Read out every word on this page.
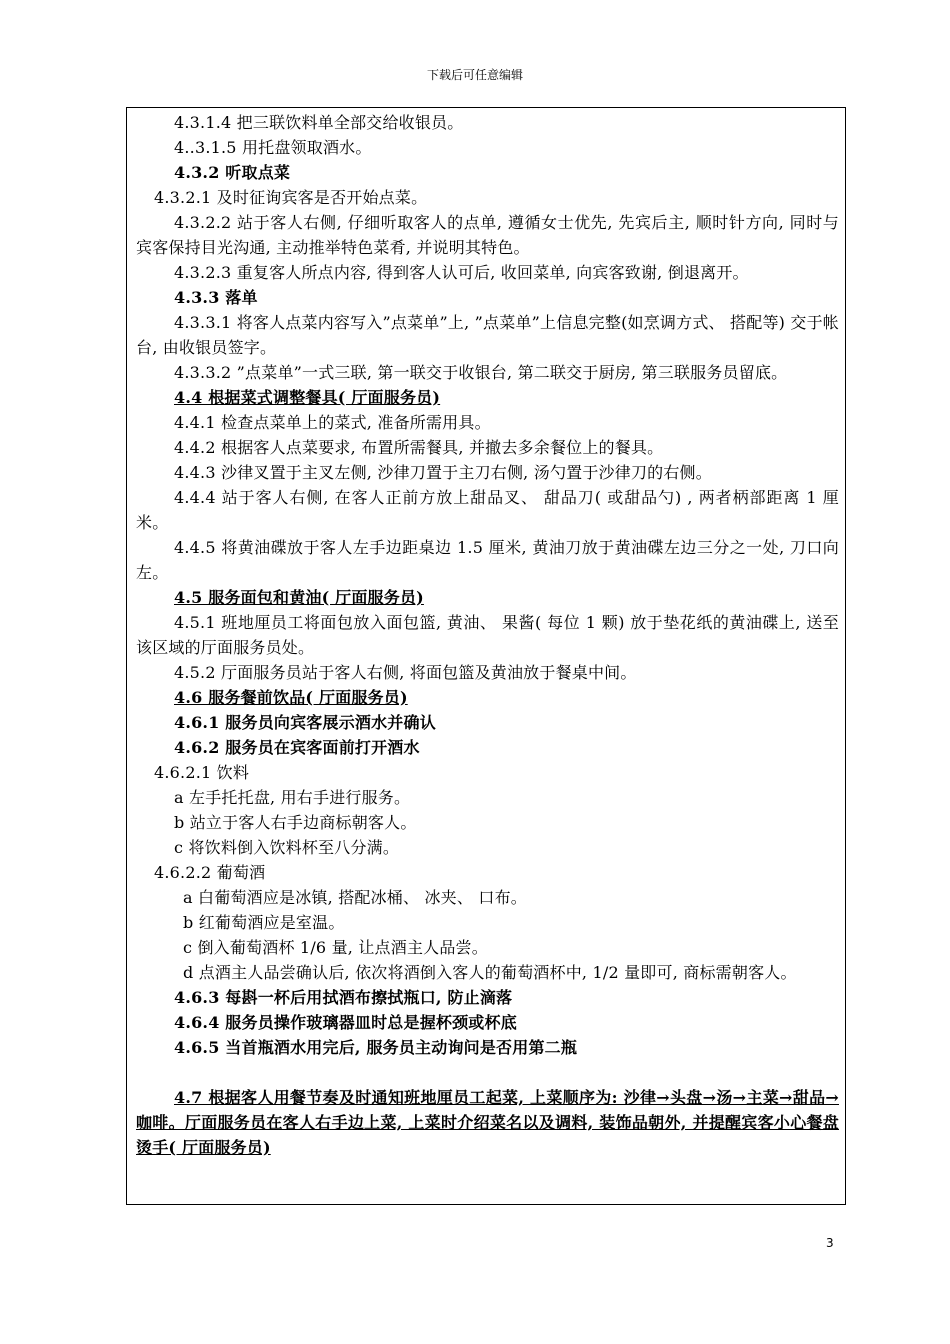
下载后可任意编辑
4.3.1.4 把三联饮料单全部交给收银员。
4..3.1.5 用托盘领取酒水。
4.3.2 听取点菜
4.3.2.1 及时征询宾客是否开始点菜。
4.3.2.2 站于客人右侧, 仔细听取客人的点单, 遵循女士优先, 先宾后主, 顺时针方向, 同时与宾客保持目光沟通, 主动推举特色菜肴, 并说明其特色。
4.3.2.3 重复客人所点内容, 得到客人认可后, 收回菜单, 向宾客致谢, 倒退离开。
4.3.3 落单
4.3.3.1 将客人点菜内容写入”点菜单”上, ”点菜单”上信息完整(如烹调方式、 搭配等) 交于帐台, 由收银员签字。
4.3.3.2 ”点菜单”一式三联, 第一联交于收银台, 第二联交于厨房, 第三联服务员留底。
4.4 根据菜式调整餐具( 厅面服务员)
4.4.1 检查点菜单上的菜式, 准备所需用具。
4.4.2 根据客人点菜要求, 布置所需餐具, 并撤去多余餐位上的餐具。
4.4.3 沙律叉置于主叉左侧, 沙律刀置于主刀右侧, 汤勺置于沙律刀的右侧。
4.4.4 站于客人右侧, 在客人正前方放上甜品叉、 甜品刀( 或甜品勺) , 两者柄部距离 1 厘米。
4.4.5 将黄油碟放于客人左手边距桌边 1.5 厘米, 黄油刀放于黄油碟左边三分之一处, 刀口向左。
4.5 服务面包和黄油( 厅面服务员)
4.5.1 班地厘员工将面包放入面包篮, 黄油、 果酱( 每位 1 颗) 放于垫花纸的黄油碟上, 送至该区域的厅面服务员处。
4.5.2 厅面服务员站于客人右侧, 将面包篮及黄油放于餐桌中间。
4.6 服务餐前饮品( 厅面服务员)
4.6.1 服务员向宾客展示酒水并确认
4.6.2 服务员在宾客面前打开酒水
4.6.2.1 饮料
a 左手托托盘, 用右手进行服务。
b 站立于客人右手边商标朝客人。
c 将饮料倒入饮料杯至八分满。
4.6.2.2 葡萄酒
a 白葡萄酒应是冰镇, 搭配冰桶、 冰夹、 口布。
b 红葡萄酒应是室温。
c 倒入葡萄酒杯 1/6 量, 让点酒主人品尝。
d 点酒主人品尝确认后, 依次将酒倒入客人的葡萄酒杯中, 1/2 量即可, 商标需朝客人。
4.6.3 每斟一杯后用拭酒布擦拭瓶口, 防止滴落
4.6.4 服务员操作玻璃器皿时总是握杯颈或杯底
4.6.5 当首瓶酒水用完后, 服务员主动询问是否用第二瓶
4.7 根据客人用餐节奏及时通知班地厘员工起菜, 上菜顺序为: 沙律→头盘→汤→主菜→甜品→咖啡。厅面服务员在客人右手边上菜, 上菜时介绍菜名以及调料, 装饰品朝外, 并提醒宾客小心餐盘烫手( 厅面服务员)
3
